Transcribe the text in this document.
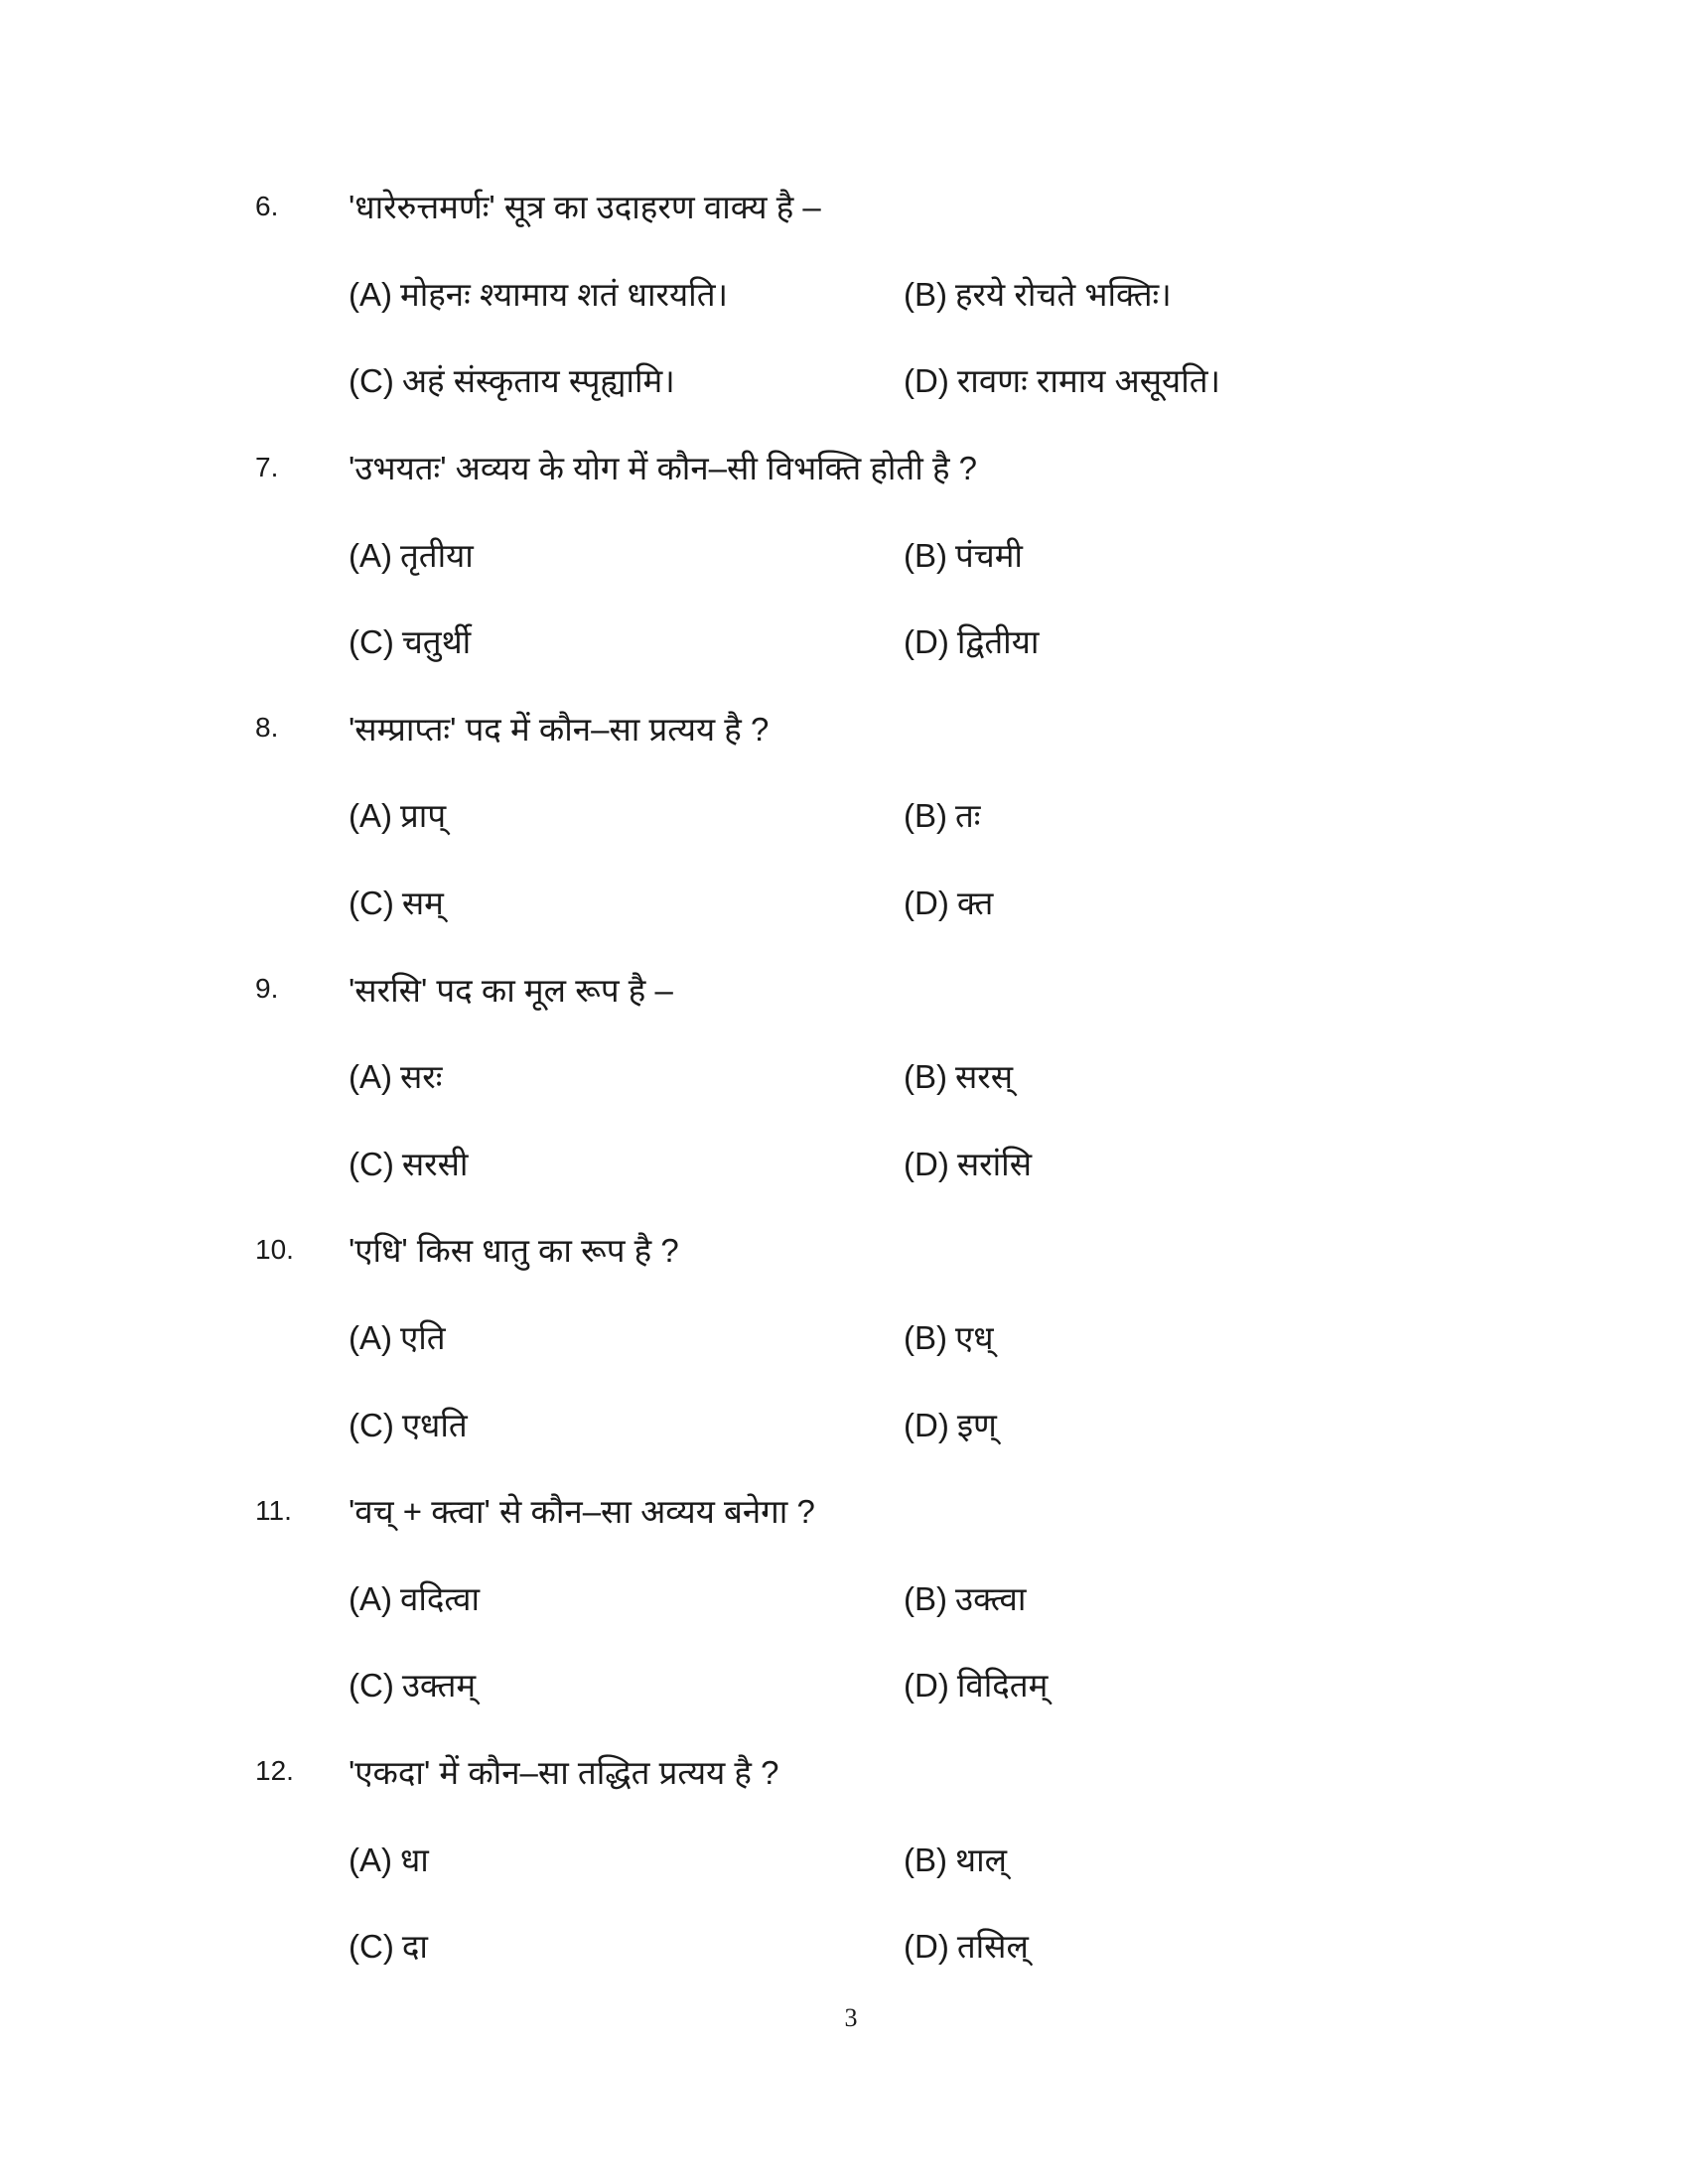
6. 'धारेरुत्तमर्णः' सूत्र का उदाहरण वाक्य है –
(A) मोहनः श्यामाय शतं धारयति।	(B) हरये रोचते भक्तिः।
(C) अहं संस्कृताय स्पृह्यामि।	(D) रावणः रामाय असूयति।
7. 'उभयतः' अव्यय के योग में कौन–सी विभक्ति होती है ?
(A) तृतीया	(B) पंचमी
(C) चतुर्थी	(D) द्वितीया
8. 'सम्प्राप्तः' पद में कौन–सा प्रत्यय है ?
(A) प्राप्	(B) तः
(C) सम्	(D) क्त
9. 'सरसि' पद का मूल रूप है –
(A) सरः	(B) सरस्
(C) सरसी	(D) सरांसि
10. 'एधि' किस धातु का रूप है ?
(A) एति	(B) एध्
(C) एधति	(D) इण्
11. 'वच् + क्त्वा' से कौन–सा अव्यय बनेगा ?
(A) वदित्वा	(B) उक्त्वा
(C) उक्तम्	(D) विदितम्
12. 'एकदा' में कौन–सा तद्धित प्रत्यय है ?
(A) धा	(B) थाल्
(C) दा	(D) तसिल्
3
